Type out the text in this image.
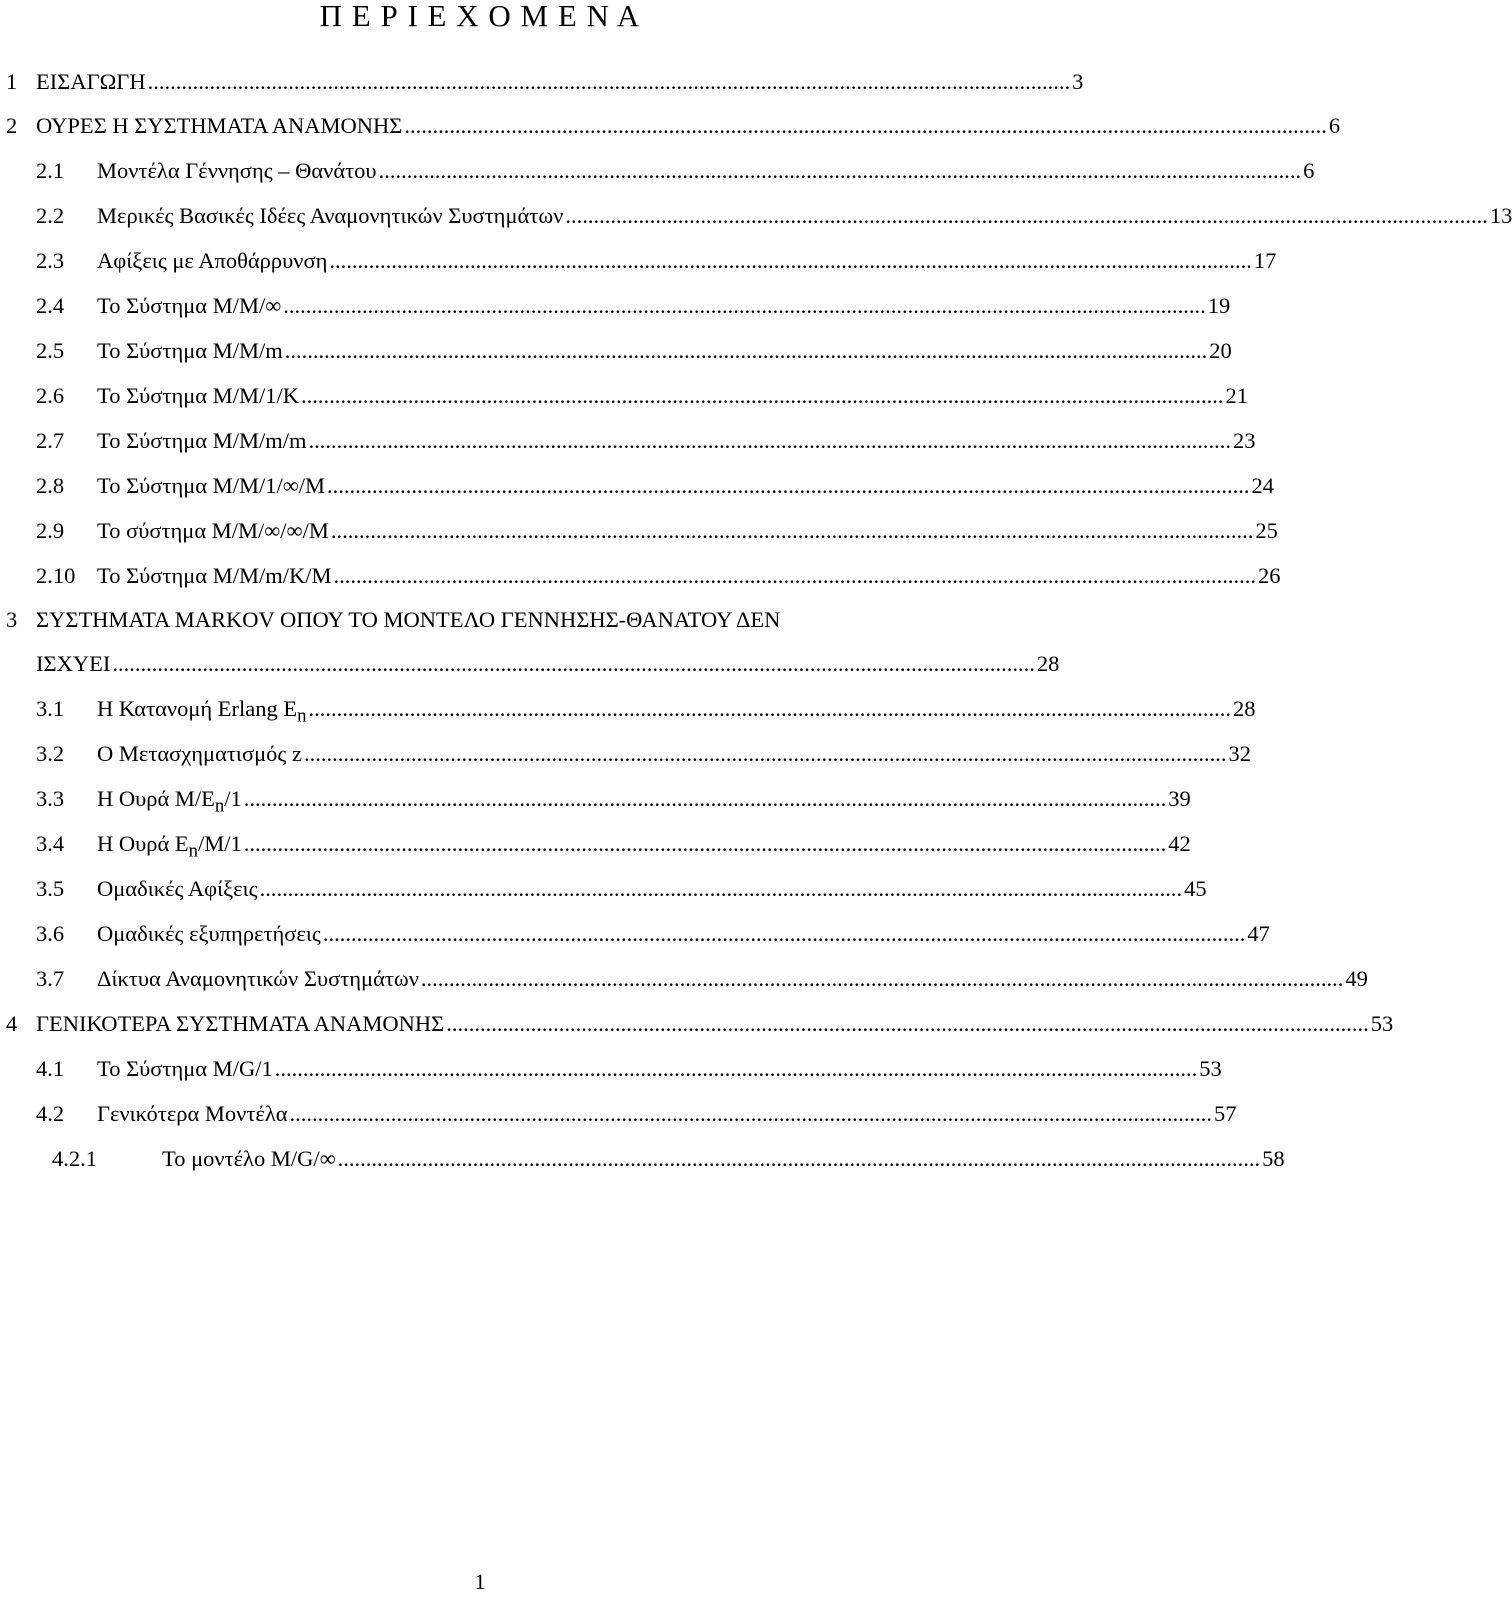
Π Ε Ρ Ι Ε Χ Ο Μ Ε Ν Α
1 ΕΙΣΑΓΩΓΗ .................................................................................................................................................................... 3
2 ΟΥΡΕΣ Η ΣΥΣΤΗΜΑΤΑ ΑΝΑΜΟΝΗΣ .................................................................................................................................................................... 6
2.1 Μοντέλα Γέννησης – Θανάτου .................................................................................................................................................................... 6
2.2 Μερικές Βασικές Ιδέες Αναμονητικών Συστημάτων .................................................................................................................................................................... 13
2.3 Αφίξεις με Αποθάρρυνση .................................................................................................................................................................... 17
2.4 Το Σύστημα M/M/∞ .................................................................................................................................................................... 19
2.5 Το Σύστημα M/M/m .................................................................................................................................................................... 20
2.6 Το Σύστημα M/M/1/K .................................................................................................................................................................... 21
2.7 Το Σύστημα M/M/m/m .................................................................................................................................................................... 23
2.8 Το Σύστημα M/M/1/∞/M .................................................................................................................................................................... 24
2.9 Το σύστημα M/M/∞/∞/M .................................................................................................................................................................... 25
2.10 Το Σύστημα M/M/m/K/M .................................................................................................................................................................... 26
3 ΣΥΣΤΗΜΑΤΑ MARKOV ΟΠΟΥ ΤΟ ΜΟΝΤΕΛΟ ΓΕΝΝΗΣΗΣ-ΘΑΝΑΤΟΥ ΔΕΝ
ΙΣΧΥΕΙ .................................................................................................................................................................... 28
3.1 Η Κατανομή Erlang $E_n$ .................................................................................................................................................................... 28
3.2 Ο Μετασχηματισμός z .................................................................................................................................................................... 32
3.3 Η Ουρά $M/E_n/1$ .................................................................................................................................................................... 39
3.4 Η Ουρά $E_n/M/1$ .................................................................................................................................................................... 42
3.5 Ομαδικές Αφίξεις .................................................................................................................................................................... 45
3.6 Ομαδικές εξυπηρετήσεις .................................................................................................................................................................... 47
3.7 Δίκτυα Αναμονητικών Συστημάτων .................................................................................................................................................................... 49
4 ΓΕΝΙΚΟΤΕΡΑ ΣΥΣΤΗΜΑΤΑ ΑΝΑΜΟΝΗΣ .................................................................................................................................................................... 53
4.1 Το Σύστημα M/G/1 .................................................................................................................................................................... 53
4.2 Γενικότερα Μοντέλα .................................................................................................................................................................... 57
4.2.1	Το μοντέλο M/G/∞ .................................................................................................................................................................... 58
1
